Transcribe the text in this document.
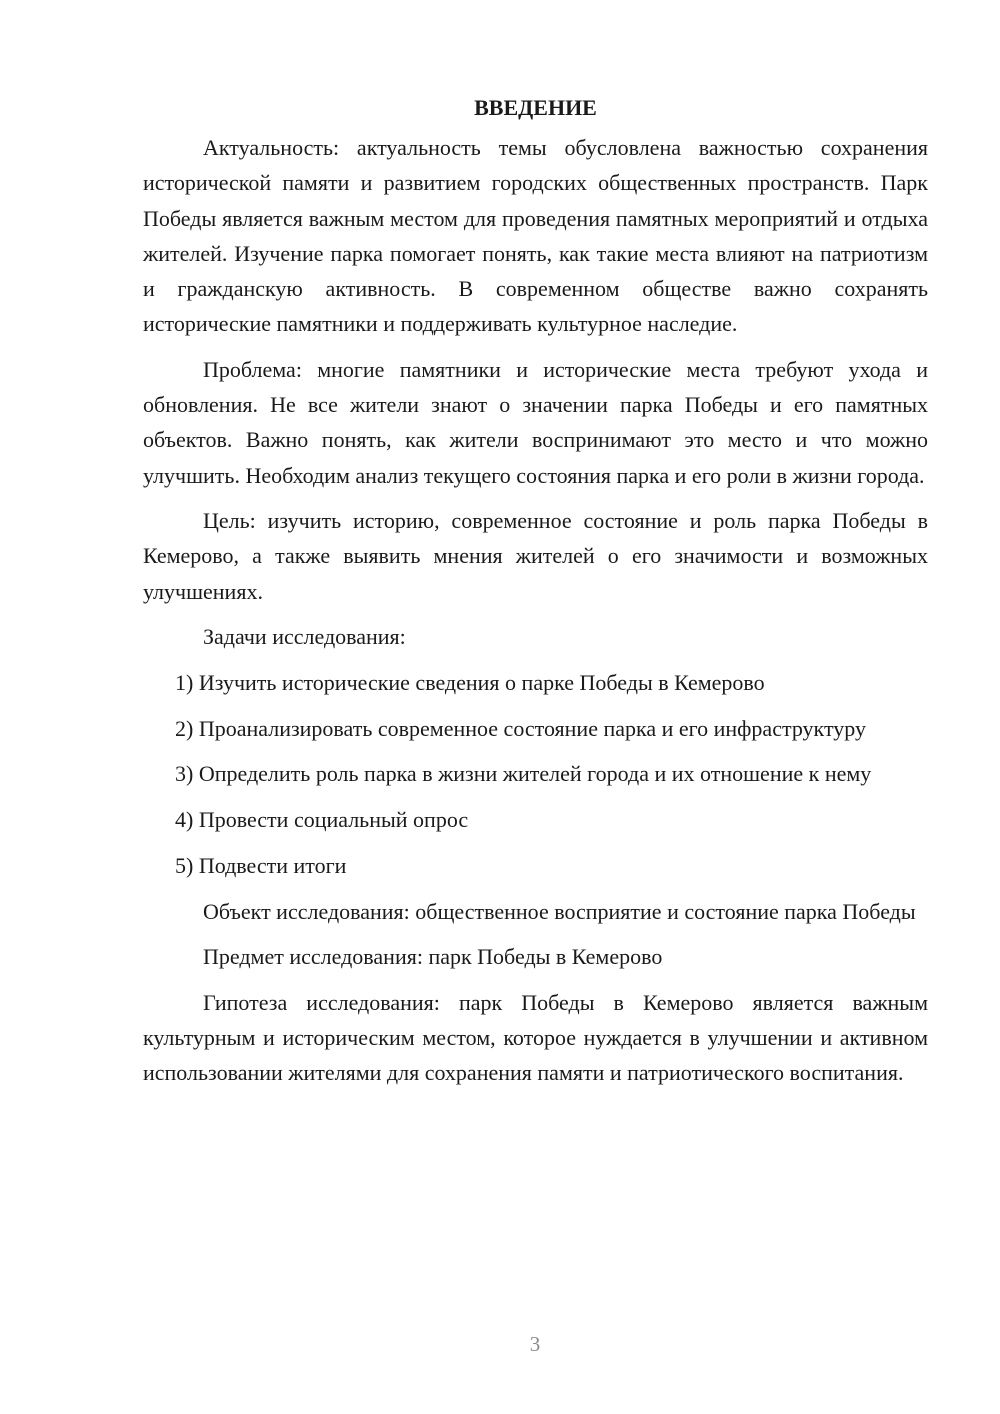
ВВЕДЕНИЕ

Актуальность: актуальность темы обусловлена важностью сохранения исторической памяти и развитием городских общественных пространств. Парк Победы является важным местом для проведения памятных мероприятий и отдыха жителей. Изучение парка помогает понять, как такие места влияют на патриотизм и гражданскую активность. В современном обществе важно сохранять исторические памятники и поддерживать культурное наследие.

Проблема: многие памятники и исторические места требуют ухода и обновления. Не все жители знают о значении парка Победы и его памятных объектов. Важно понять, как жители воспринимают это место и что можно улучшить. Необходим анализ текущего состояния парка и его роли в жизни города.

Цель: изучить историю, современное состояние и роль парка Победы в Кемерово, а также выявить мнения жителей о его значимости и возможных улучшениях.

Задачи исследования:

1) Изучить исторические сведения о парке Победы в Кемерово

2) Проанализировать современное состояние парка и его инфраструктуру

3) Определить роль парка в жизни жителей города и их отношение к нему

4) Провести социальный опрос

5) Подвести итоги

Объект исследования: общественное восприятие и состояние парка Победы

Предмет исследования: парк Победы в Кемерово

Гипотеза исследования: парк Победы в Кемерово является важным культурным и историческим местом, которое нуждается в улучшении и активном использовании жителями для сохранения памяти и патриотического воспитания.

3
